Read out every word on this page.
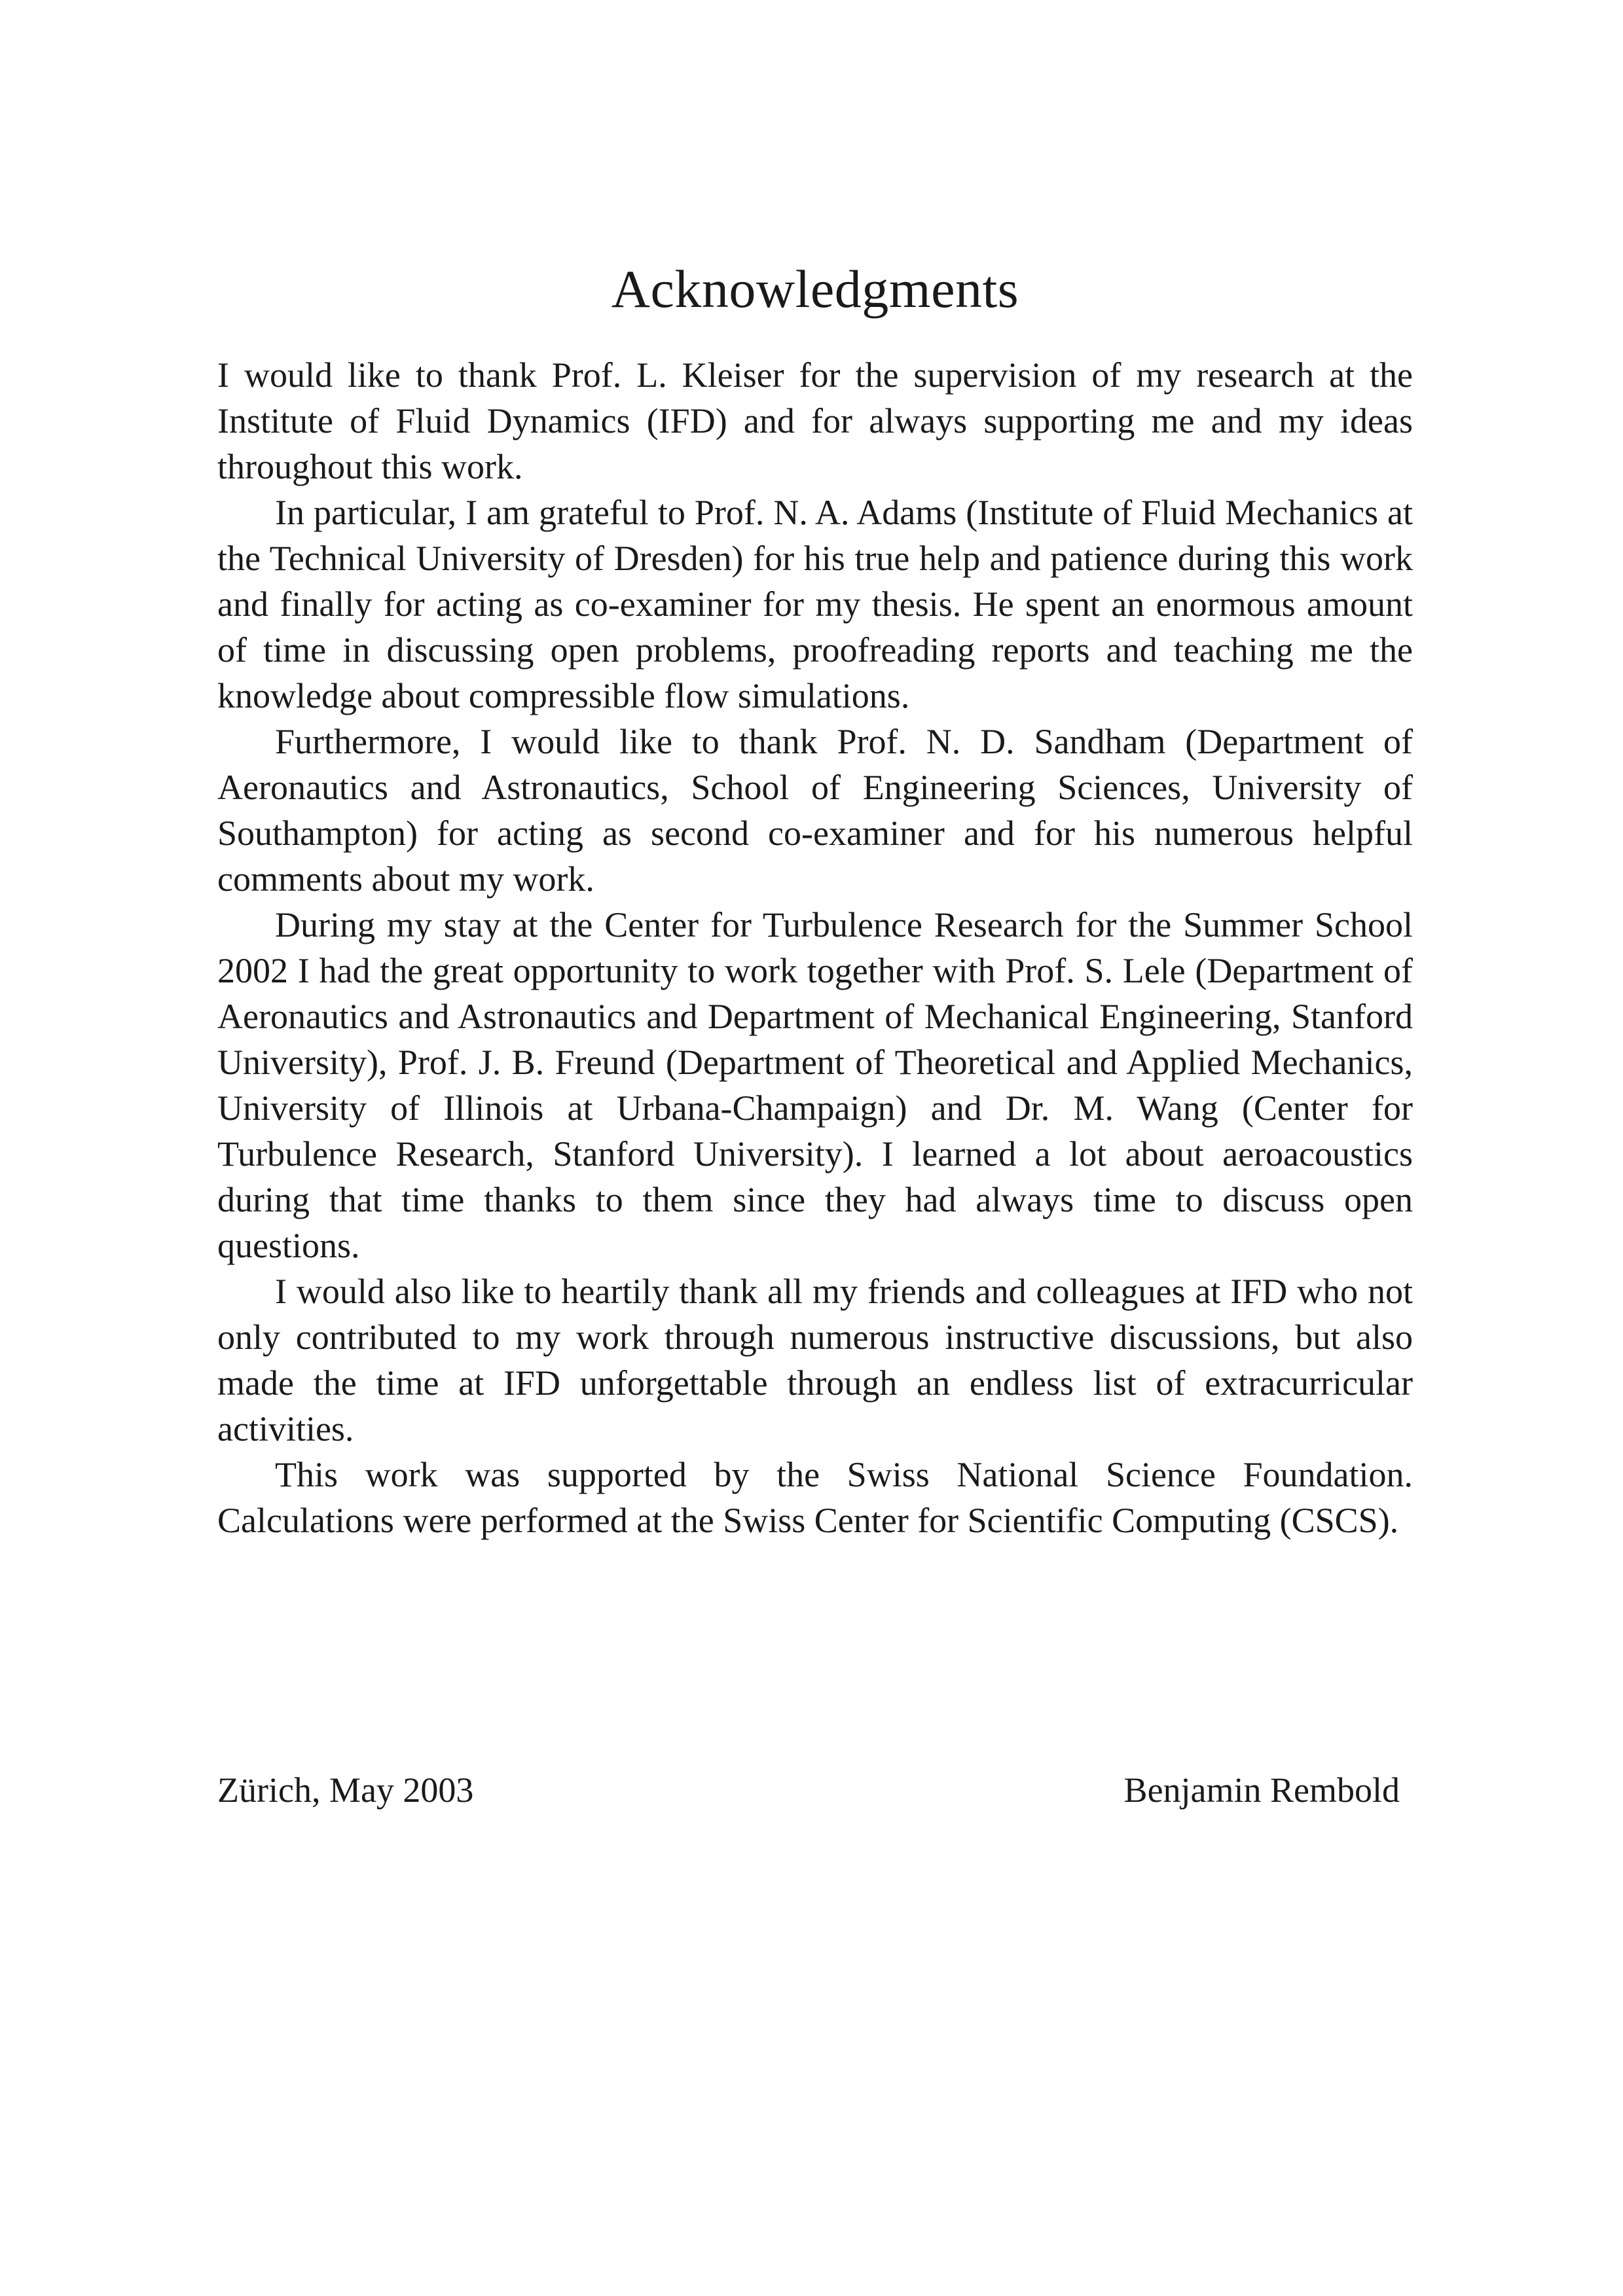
Acknowledgments

I would like to thank Prof. L. Kleiser for the supervision of my research at the Institute of Fluid Dynamics (IFD) and for always supporting me and my ideas throughout this work.

In particular, I am grateful to Prof. N. A. Adams (Institute of Fluid Mechanics at the Technical University of Dresden) for his true help and patience during this work and finally for acting as co-examiner for my thesis. He spent an enormous amount of time in discussing open problems, proofreading reports and teaching me the knowledge about compressible flow simulations.

Furthermore, I would like to thank Prof. N. D. Sandham (Department of Aeronautics and Astronautics, School of Engineering Sciences, University of Southampton) for acting as second co-examiner and for his numerous helpful comments about my work.

During my stay at the Center for Turbulence Research for the Summer School 2002 I had the great opportunity to work together with Prof. S. Lele (Department of Aeronautics and Astronautics and Department of Mechanical Engineering, Stanford University), Prof. J. B. Freund (Department of Theoretical and Applied Mechanics, University of Illinois at Urbana-Champaign) and Dr. M. Wang (Center for Turbulence Research, Stanford University). I learned a lot about aeroacoustics during that time thanks to them since they had always time to discuss open questions.

I would also like to heartily thank all my friends and colleagues at IFD who not only contributed to my work through numerous instructive discussions, but also made the time at IFD unforgettable through an endless list of extracurricular activities.

This work was supported by the Swiss National Science Foundation. Calculations were performed at the Swiss Center for Scientific Computing (CSCS).

Zürich, May 2003	Benjamin Rembold
